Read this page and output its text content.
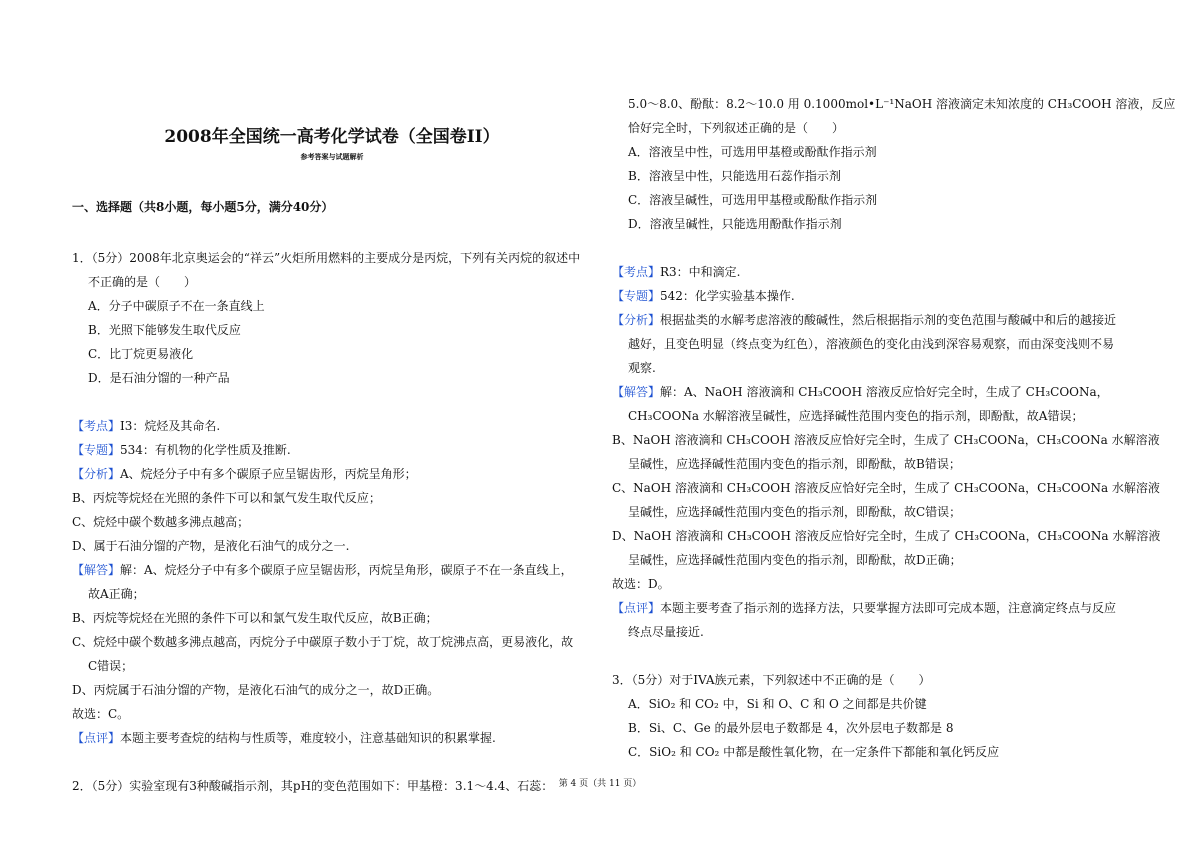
2008年全国统一高考化学试卷（全国卷II）
参考答案与试题解析
一、选择题（共8小题，每小题5分，满分40分）
1．（5分）2008年北京奥运会的“祥云”火炬所用燃料的主要成分是丙烷，下列有关丙烷的叙述中
不正确的是（　　）
A．分子中碳原子不在一条直线上
B．光照下能够发生取代反应
C．比丁烷更易液化
D．是石油分馏的一种产品
【考点】I3：烷烃及其命名.
【专题】534：有机物的化学性质及推断.
【分析】A、烷烃分子中有多个碳原子应呈锯齿形，丙烷呈角形；
B、丙烷等烷烃在光照的条件下可以和氯气发生取代反应；
C、烷烃中碳个数越多沸点越高；
D、属于石油分馏的产物，是液化石油气的成分之一.
【解答】解：A、烷烃分子中有多个碳原子应呈锯齿形，丙烷呈角形，碳原子不在一条直线上，
故A正确；
B、丙烷等烷烃在光照的条件下可以和氯气发生取代反应，故B正确；
C、烷烃中碳个数越多沸点越高，丙烷分子中碳原子数小于丁烷，故丁烷沸点高，更易液化，故
C错误；
D、丙烷属于石油分馏的产物，是液化石油气的成分之一，故D正确。
故选：C。
【点评】本题主要考查烷的结构与性质等，难度较小，注意基础知识的积累掌握.
2．（5分）实验室现有3种酸碱指示剂，其pH的变色范围如下：甲基橙：3.1～4.4、石蕊：
5.0～8.0、酚酞：8.2～10.0 用 0.1000mol•L⁻¹NaOH 溶液滴定未知浓度的 CH₃COOH 溶液，反应
恰好完全时，下列叙述正确的是（　　）
A．溶液呈中性，可选用甲基橙或酚酞作指示剂
B．溶液呈中性，只能选用石蕊作指示剂
C．溶液呈碱性，可选用甲基橙或酚酞作指示剂
D．溶液呈碱性，只能选用酚酞作指示剂
【考点】R3：中和滴定.
【专题】542：化学实验基本操作.
【分析】根据盐类的水解考虑溶液的酸碱性，然后根据指示剂的变色范围与酸碱中和后的越接近
越好，且变色明显（终点变为红色），溶液颜色的变化由浅到深容易观察，而由深变浅则不易
观察.
【解答】解：A、NaOH 溶液滴和 CH₃COOH 溶液反应恰好完全时，生成了 CH₃COONa，
CH₃COONa 水解溶液呈碱性，应选择碱性范围内变色的指示剂，即酚酞，故A错误；
B、NaOH 溶液滴和 CH₃COOH 溶液反应恰好完全时，生成了 CH₃COONa，CH₃COONa 水解溶液
呈碱性，应选择碱性范围内变色的指示剂，即酚酞，故B错误；
C、NaOH 溶液滴和 CH₃COOH 溶液反应恰好完全时，生成了 CH₃COONa，CH₃COONa 水解溶液
呈碱性，应选择碱性范围内变色的指示剂，即酚酞，故C错误；
D、NaOH 溶液滴和 CH₃COOH 溶液反应恰好完全时，生成了 CH₃COONa，CH₃COONa 水解溶液
呈碱性，应选择碱性范围内变色的指示剂，即酚酞，故D正确；
故选：D。
【点评】本题主要考查了指示剂的选择方法，只要掌握方法即可完成本题，注意滴定终点与反应
终点尽量接近.
3．（5分）对于IVA族元素，下列叙述中不正确的是（　　）
A．SiO₂ 和 CO₂ 中，Si 和 O、C 和 O 之间都是共价键
B．Si、C、Ge 的最外层电子数都是 4，次外层电子数都是 8
C．SiO₂ 和 CO₂ 中都是酸性氧化物，在一定条件下都能和氧化钙反应
第 4 页（共 11 页）
